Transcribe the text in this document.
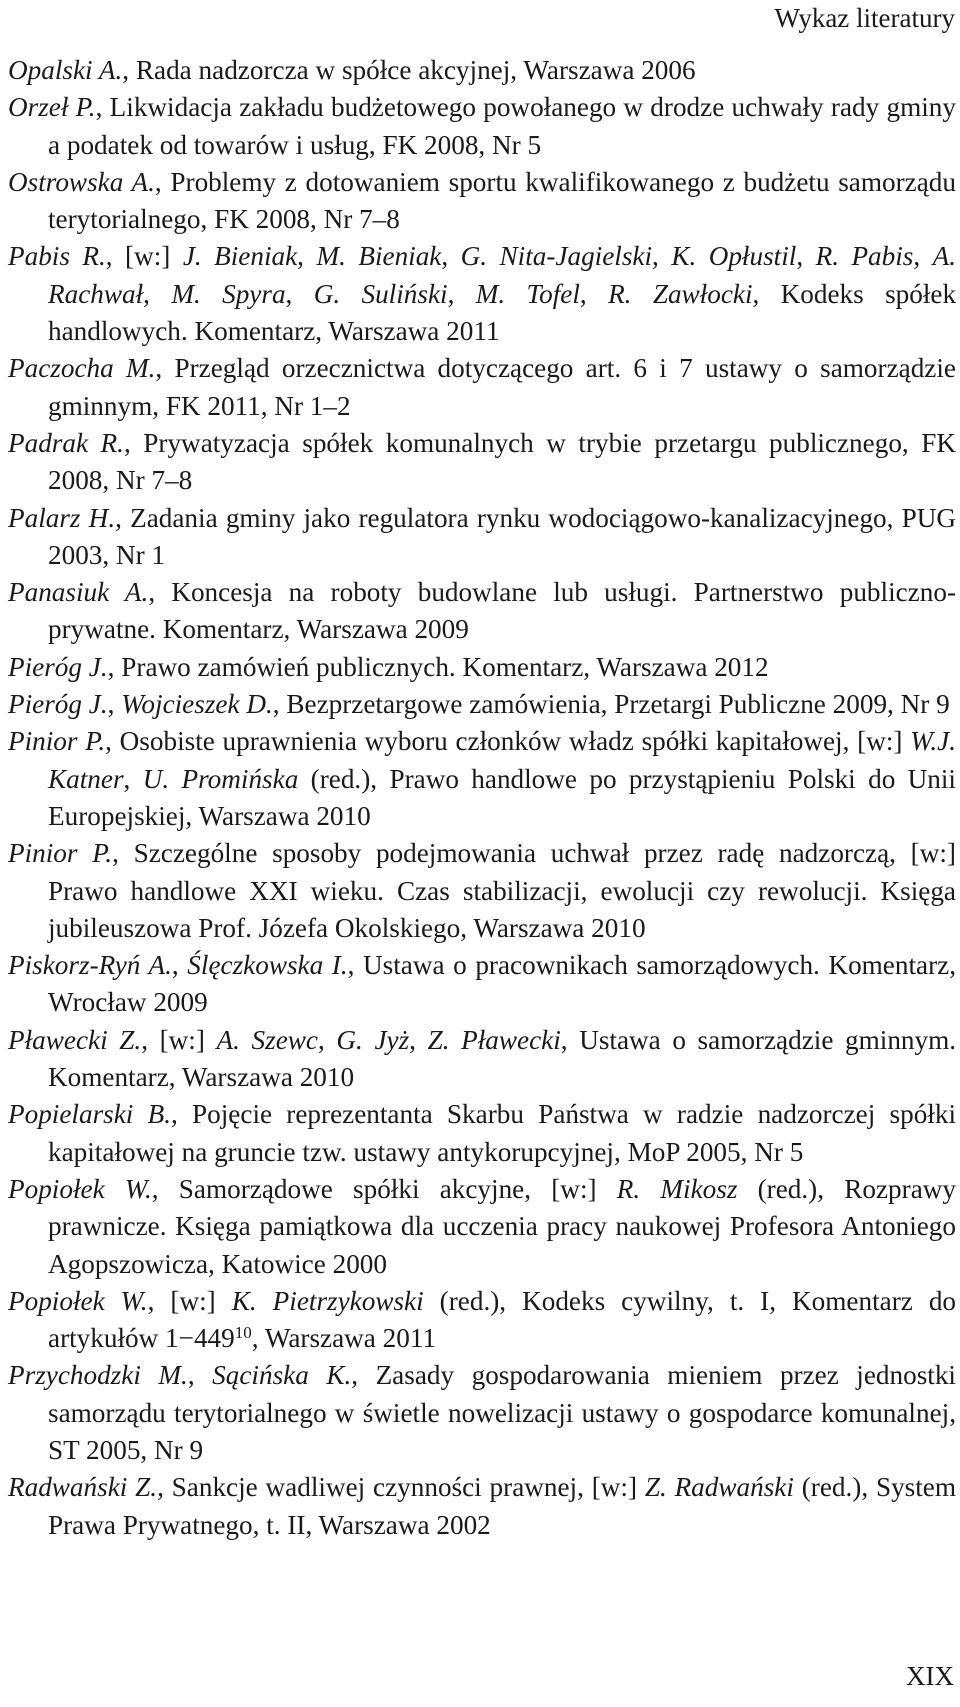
Wykaz literatury

Opalski A., Rada nadzorcza w spółce akcyjnej, Warszawa 2006

Orzeł P., Likwidacja zakładu budżetowego powołanego w drodze uchwały rady gminy a podatek od towarów i usług, FK 2008, Nr 5

Ostrowska A., Problemy z dotowaniem sportu kwalifikowanego z budżetu samorządu terytorialnego, FK 2008, Nr 7–8

Pabis R., [w:] J. Bieniak, M. Bieniak, G. Nita-Jagielski, K. Opłustil, R. Pabis, A. Rachwał, M. Spyra, G. Suliński, M. Tofel, R. Zawłocki, Kodeks spółek handlowych. Komentarz, Warszawa 2011

Paczocha M., Przegląd orzecznictwa dotyczącego art. 6 i 7 ustawy o samorządzie gminnym, FK 2011, Nr 1–2

Padrak R., Prywatyzacja spółek komunalnych w trybie przetargu publicznego, FK 2008, Nr 7–8

Palarz H., Zadania gminy jako regulatora rynku wodociągowo-kanalizacyjnego, PUG 2003, Nr 1

Panasiuk A., Koncesja na roboty budowlane lub usługi. Partnerstwo publiczno-prywatne. Komentarz, Warszawa 2009

Pieróg J., Prawo zamówień publicznych. Komentarz, Warszawa 2012

Pieróg J., Wojcieszek D., Bezprzetargowe zamówienia, Przetargi Publiczne 2009, Nr 9

Pinior P., Osobiste uprawnienia wyboru członków władz spółki kapitałowej, [w:] W.J. Katner, U. Promińska (red.), Prawo handlowe po przystąpieniu Polski do Unii Europejskiej, Warszawa 2010

Pinior P., Szczególne sposoby podejmowania uchwał przez radę nadzorczą, [w:] Prawo handlowe XXI wieku. Czas stabilizacji, ewolucji czy rewolucji. Księga jubileuszowa Prof. Józefa Okolskiego, Warszawa 2010

Piskorz-Ryń A., Ślęczkowska I., Ustawa o pracownikach samorządowych. Komentarz, Wrocław 2009

Pławecki Z., [w:] A. Szewc, G. Jyż, Z. Pławecki, Ustawa o samorządzie gminnym. Komentarz, Warszawa 2010

Popielarski B., Pojęcie reprezentanta Skarbu Państwa w radzie nadzorczej spółki kapitałowej na gruncie tzw. ustawy antykorupcyjnej, MoP 2005, Nr 5

Popiołek W., Samorządowe spółki akcyjne, [w:] R. Mikosz (red.), Rozprawy prawnicze. Księga pamiątkowa dla ucczenia pracy naukowej Profesora Antoniego Agopszowicza, Katowice 2000

Popiołek W., [w:] K. Pietrzykowski (red.), Kodeks cywilny, t. I, Komentarz do artykułów $1-449^{10}$, Warszawa 2011

Przychodzki M., Sącińska K., Zasady gospodarowania mieniem przez jednostki samorządu terytorialnego w świetle nowelizacji ustawy o gospodarce komunalnej, ST 2005, Nr 9

Radwański Z., Sankcje wadliwej czynności prawnej, [w:] Z. Radwański (red.), System Prawa Prywatnego, t. II, Warszawa 2002

XIX
